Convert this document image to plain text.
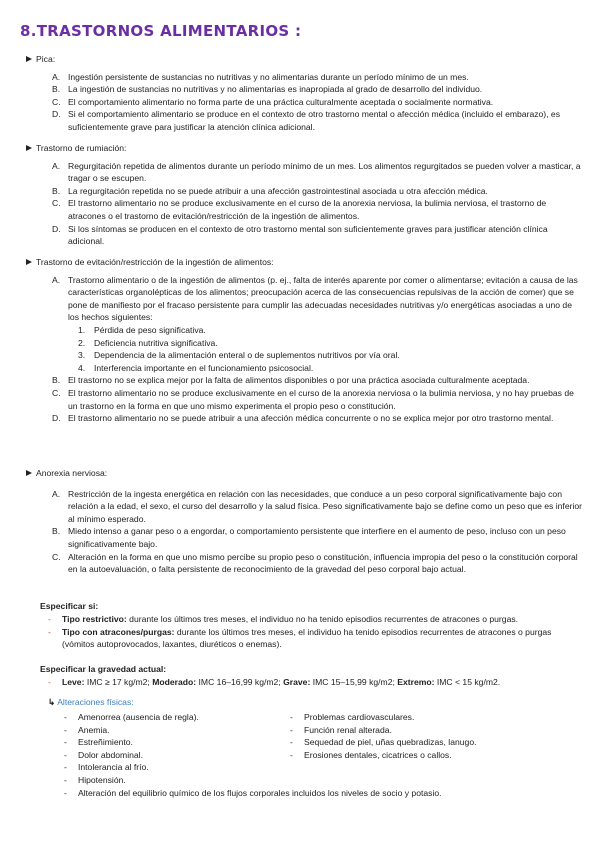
8.TRASTORNOS ALIMENTARIOS :
Pica:
A. Ingestión persistente de sustancias no nutritivas y no alimentarias durante un período mínimo de un mes.
B. La ingestión de sustancias no nutritivas y no alimentarias es inapropiada al grado de desarrollo del individuo.
C. El comportamiento alimentario no forma parte de una práctica culturalmente aceptada o socialmente normativa.
D. Si el comportamiento alimentario se produce en el contexto de otro trastorno mental o afección médica (incluido el embarazo), es suficientemente grave para justificar la atención clínica adicional.
Trastorno de rumiación:
A. Regurgitación repetida de alimentos durante un período mínimo de un mes. Los alimentos regurgitados se pueden volver a masticar, a tragar o se escupen.
B. La regurgitación repetida no se puede atribuir a una afección gastrointestinal asociada u otra afección médica.
C. El trastorno alimentario no se produce exclusivamente en el curso de la anorexia nerviosa, la bulimia nerviosa, el trastorno de atracones o el trastorno de evitación/restricción de la ingestión de alimentos.
D. Si los síntomas se producen en el contexto de otro trastorno mental son suficientemente graves para justificar atención clínica adicional.
Trastorno de evitación/restricción de la ingestión de alimentos:
A. Trastorno alimentario o de la ingestión de alimentos (p. ej., falta de interés aparente por comer o alimentarse; evitación a causa de las características organolépticas de los alimentos; preocupación acerca de las consecuencias repulsivas de la acción de comer) que se pone de manifiesto por el fracaso persistente para cumplir las adecuadas necesidades nutritivas y/o energéticas asociadas a uno de los hechos siguientes:
1. Pérdida de peso significativa.
2. Deficiencia nutritiva significativa.
3. Dependencia de la alimentación enteral o de suplementos nutritivos por vía oral.
4. Interferencia importante en el funcionamiento psicosocial.
B. El trastorno no se explica mejor por la falta de alimentos disponibles o por una práctica asociada culturalmente aceptada.
C. El trastorno alimentario no se produce exclusivamente en el curso de la anorexia nerviosa o la bulimia nerviosa, y no hay pruebas de un trastorno en la forma en que uno mismo experimenta el propio peso o constitución.
D. El trastorno alimentario no se puede atribuir a una afección médica concurrente o no se explica mejor por otro trastorno mental.
Anorexia nerviosa:
A. Restricción de la ingesta energética en relación con las necesidades, que conduce a un peso corporal significativamente bajo con relación a la edad, el sexo, el curso del desarrollo y la salud física. Peso significativamente bajo se define como un peso que es inferior al mínimo esperado.
B. Miedo intenso a ganar peso o a engordar, o comportamiento persistente que interfiere en el aumento de peso, incluso con un peso significativamente bajo.
C. Alteración en la forma en que uno mismo percibe su propio peso o constitución, influencia impropia del peso o la constitución corporal en la autoevaluación, o falta persistente de reconocimiento de la gravedad del peso corporal bajo actual.
Especificar si:
- Tipo restrictivo: durante los últimos tres meses, el individuo no ha tenido episodios recurrentes de atracones o purgas.
- Tipo con atracones/purgas: durante los últimos tres meses, el individuo ha tenido episodios recurrentes de atracones o purgas (vómitos autoprovocados, laxantes, diuréticos o enemas).
Especificar la gravedad actual:
- Leve: IMC ≥ 17 kg/m2; Moderado: IMC 16–16,99 kg/m2; Grave: IMC 15–15,99 kg/m2; Extremo: IMC < 15 kg/m2.
↳ Alteraciones físicas:
- Amenorrea (ausencia de regla).
- Anemia.
- Estreñimiento.
- Dolor abdominal.
- Intolerancia al frío.
- Hipotensión.
- Alteración del equilibrio químico de los flujos corporales incluidos los niveles de socio y potasio.
- Problemas cardiovasculares.
- Función renal alterada.
- Sequedad de piel, uñas quebradizas, lanugo.
- Erosiones dentales, cicatrices o callos.
